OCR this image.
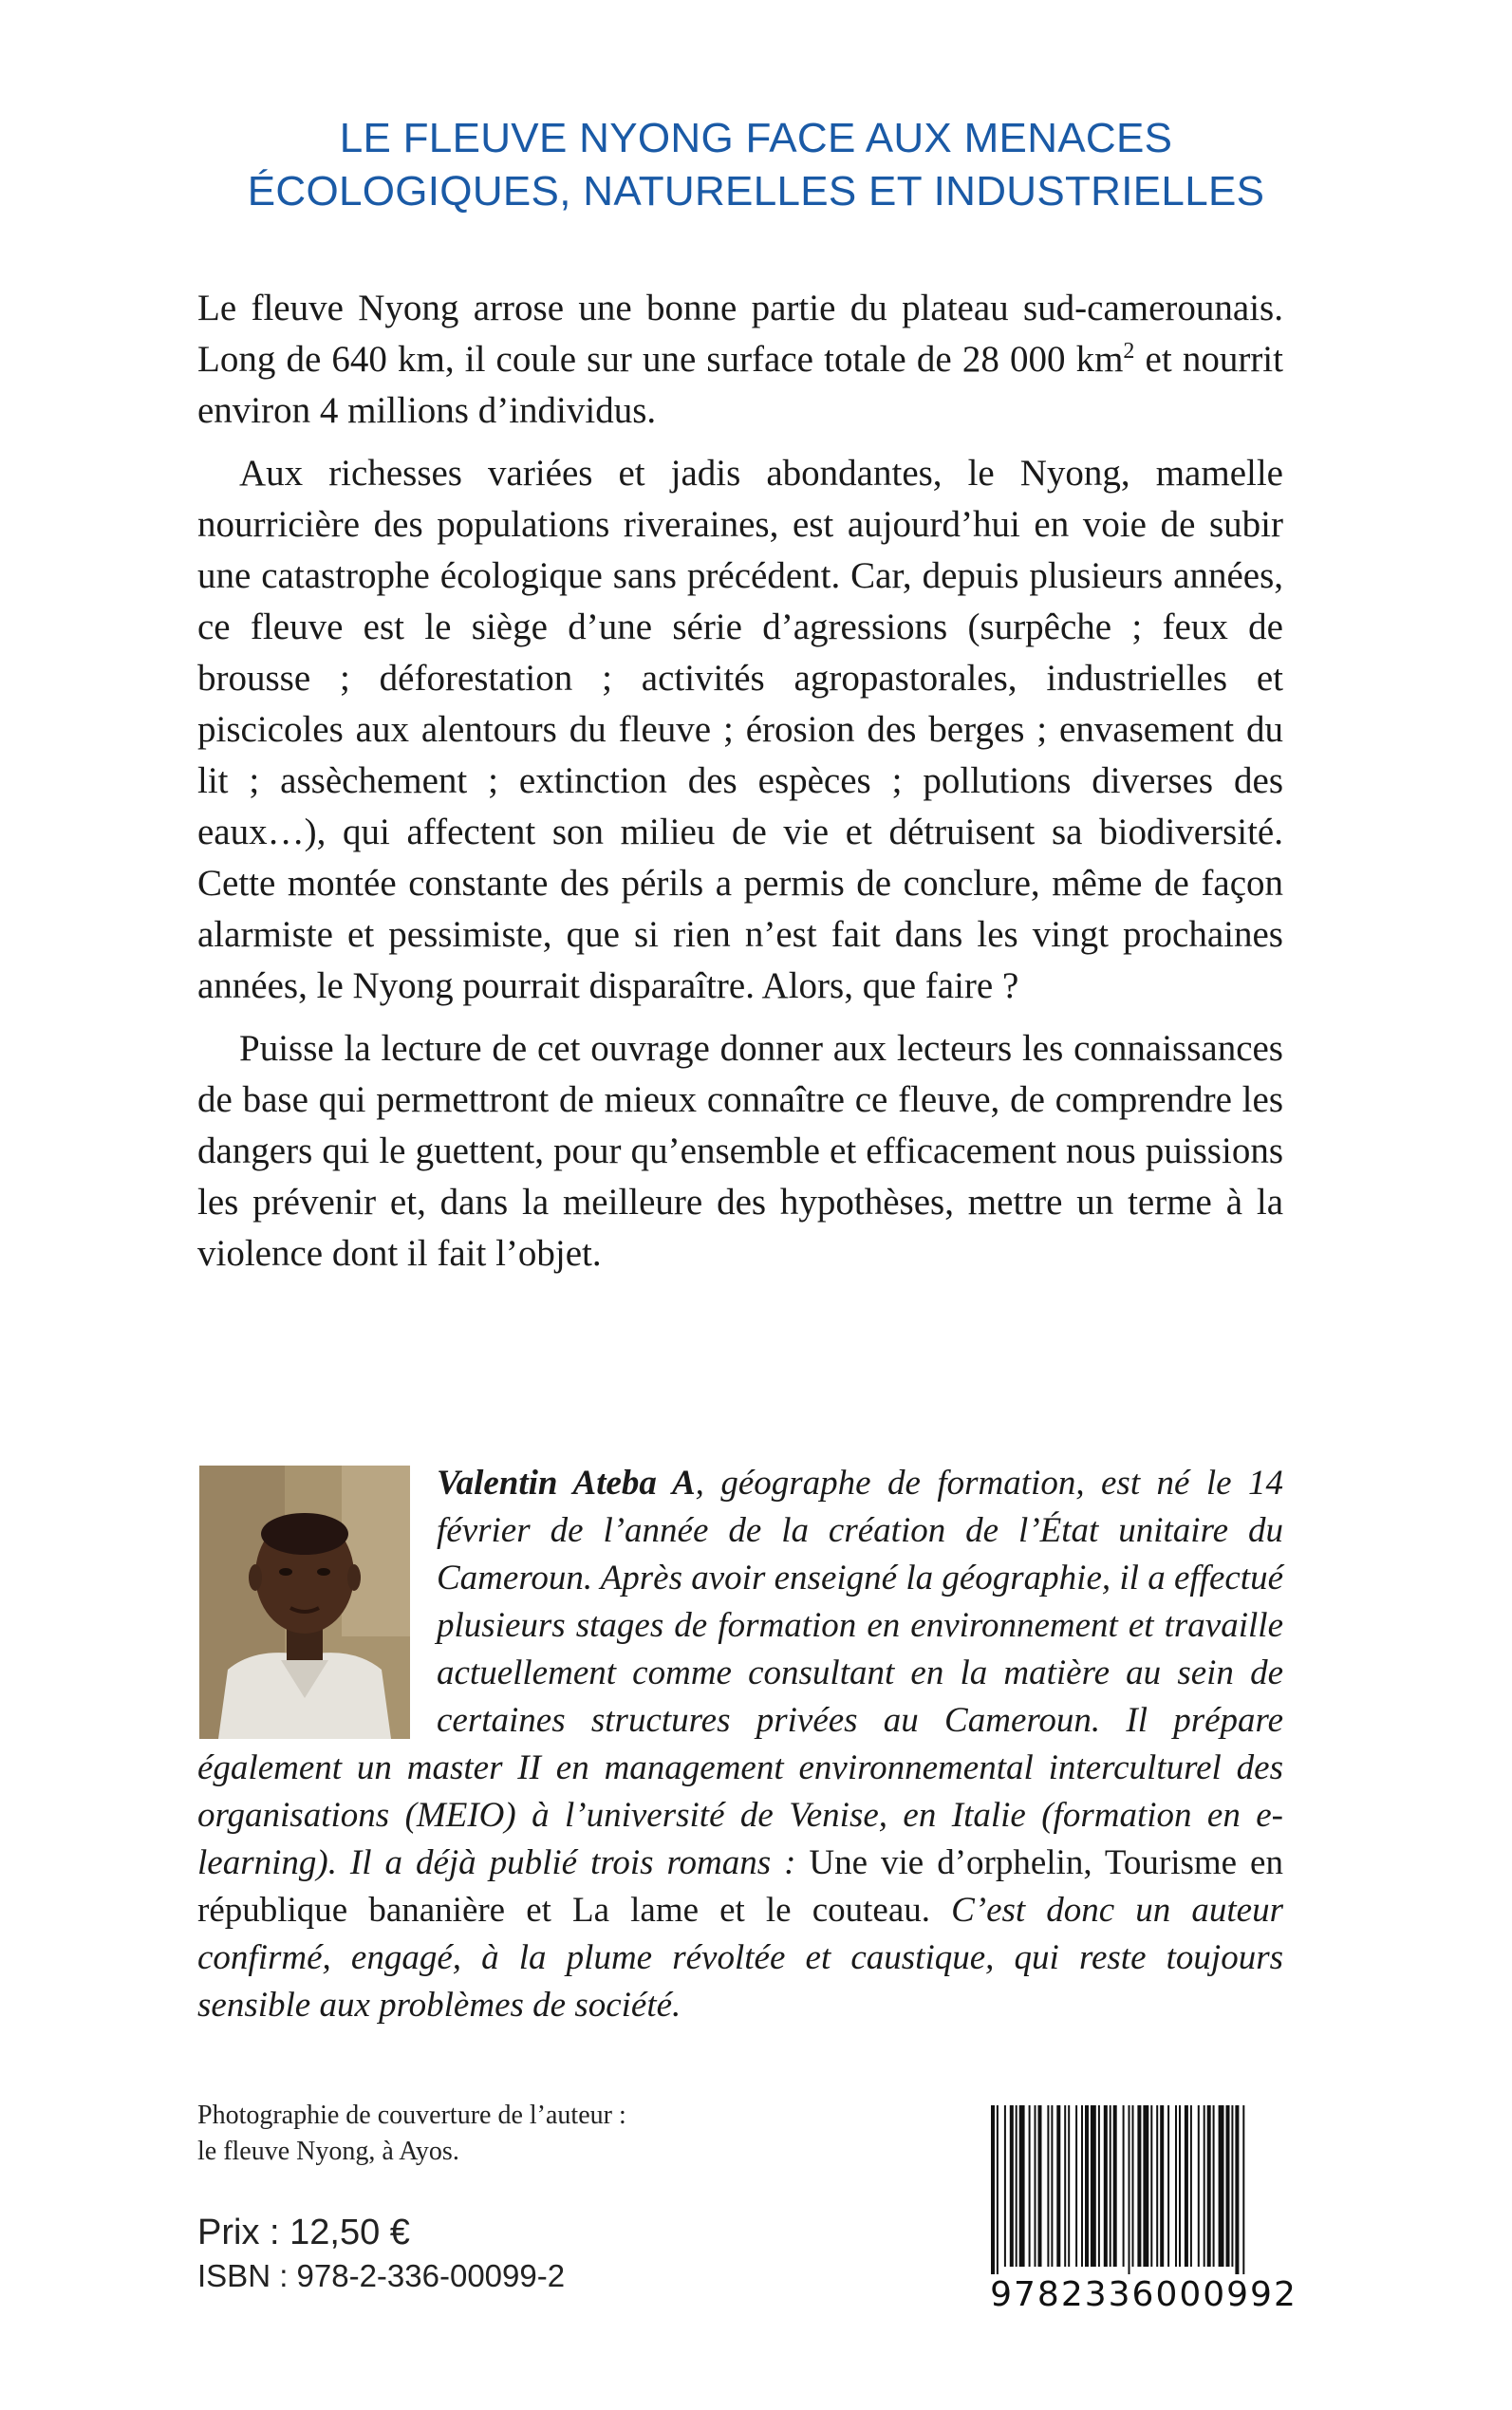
LE FLEUVE NYONG FACE AUX MENACES
ÉCOLOGIQUES, NATURELLES ET INDUSTRIELLES

Le fleuve Nyong arrose une bonne partie du plateau sud-camerounais. Long de 640 km, il coule sur une surface totale de 28 000 $km^2$ et nourrit environ 4 millions d’individus.

Aux richesses variées et jadis abondantes, le Nyong, mamelle nourricière des populations riveraines, est aujourd’hui en voie de subir une catastrophe écologique sans précédent. Car, depuis plusieurs années, ce fleuve est le siège d’une série d’agressions (surpêche ; feux de brousse ; déforestation ; activités agropastorales, industrielles et piscicoles aux alentours du fleuve ; érosion des berges ; envasement du lit ; assèchement ; extinction des espèces ; pollutions diverses des eaux…), qui affectent son milieu de vie et détruisent sa biodiversité. Cette montée constante des périls a permis de conclure, même de façon alarmiste et pessimiste, que si rien n’est fait dans les vingt prochaines années, le Nyong pourrait disparaître. Alors, que faire ?

Puisse la lecture de cet ouvrage donner aux lecteurs les connaissances de base qui permettront de mieux connaître ce fleuve, de comprendre les dangers qui le guettent, pour qu’ensemble et efficacement nous puissions les prévenir et, dans la meilleure des hypothèses, mettre un terme à la violence dont il fait l’objet.

Valentin Ateba A, géographe de formation, est né le 14 février de l’année de la création de l’État unitaire du Cameroun. Après avoir enseigné la géographie, il a effectué plusieurs stages de formation en environnement et travaille actuellement comme consultant en la matière au sein de certaines structures privées au Cameroun. Il prépare également un master II en management environnemental interculturel des organisations (MEIO) à l’université de Venise, en Italie (formation en e-learning). Il a déjà publié trois romans : Une vie d’orphelin, Tourisme en république bananière et La lame et le couteau. C’est donc un auteur confirmé, engagé, à la plume révoltée et caustique, qui reste toujours sensible aux problèmes de société.
Photographie de couverture de l’auteur :
le fleuve Nyong, à Ayos.
Prix : 12,50 €
ISBN : 978-2-336-00099-2	9782336000992
